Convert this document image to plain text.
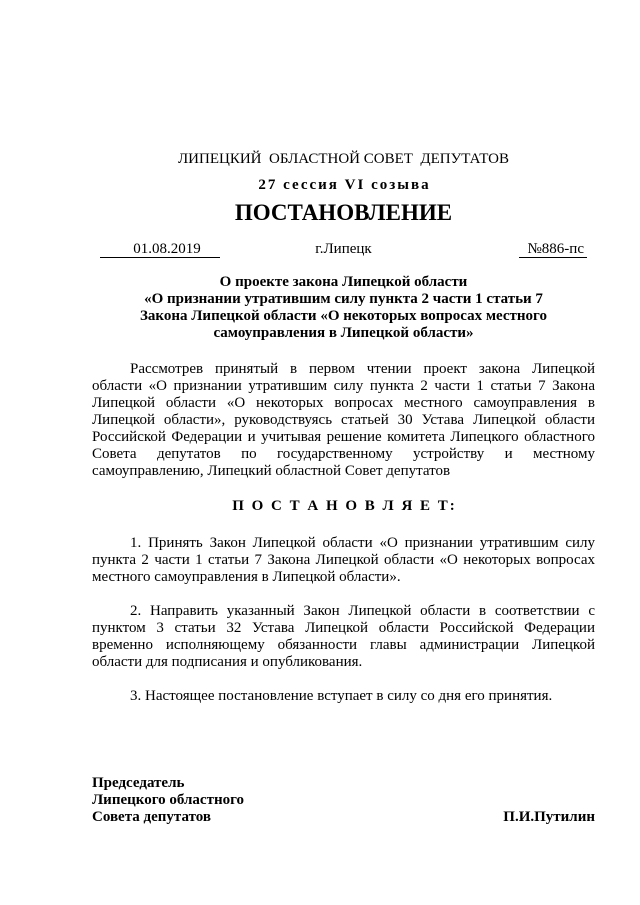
ЛИПЕЦКИЙ  ОБЛАСТНОЙ СОВЕТ  ДЕПУТАТОВ
27 сессия VI созыва
ПОСТАНОВЛЕНИЕ
г.Липецк
01.08.2019	№886-пс
О проекте закона Липецкой области
«О признании утратившим силу пункта 2 части 1 статьи 7
Закона Липецкой области «О некоторых вопросах местного
самоуправления в Липецкой области»
Рассмотрев принятый в первом чтении проект закона Липецкой
области «О признании утратившим силу пункта 2 части 1 статьи 7 Закона
Липецкой области «О некоторых вопросах местного самоуправления в
Липецкой области», руководствуясь статьей 30 Устава Липецкой области
Российской Федерации и учитывая решение комитета Липецкого областного
Совета депутатов по государственному устройству и местному
самоуправлению, Липецкий областной Совет депутатов
П О С Т А Н О В Л Я Е Т:
1. Принять Закон Липецкой области «О признании утратившим силу
пункта 2 части 1 статьи 7 Закона Липецкой области «О некоторых вопросах
местного самоуправления в Липецкой области».
2. Направить указанный Закон Липецкой области в соответствии с
пунктом 3 статьи 32 Устава Липецкой области Российской Федерации
временно исполняющему обязанности главы администрации Липецкой
области для подписания и опубликования.
3. Настоящее постановление вступает в силу со дня его принятия.
Председатель
Липецкого областного
Совета депутатов	П.И.Путилин
